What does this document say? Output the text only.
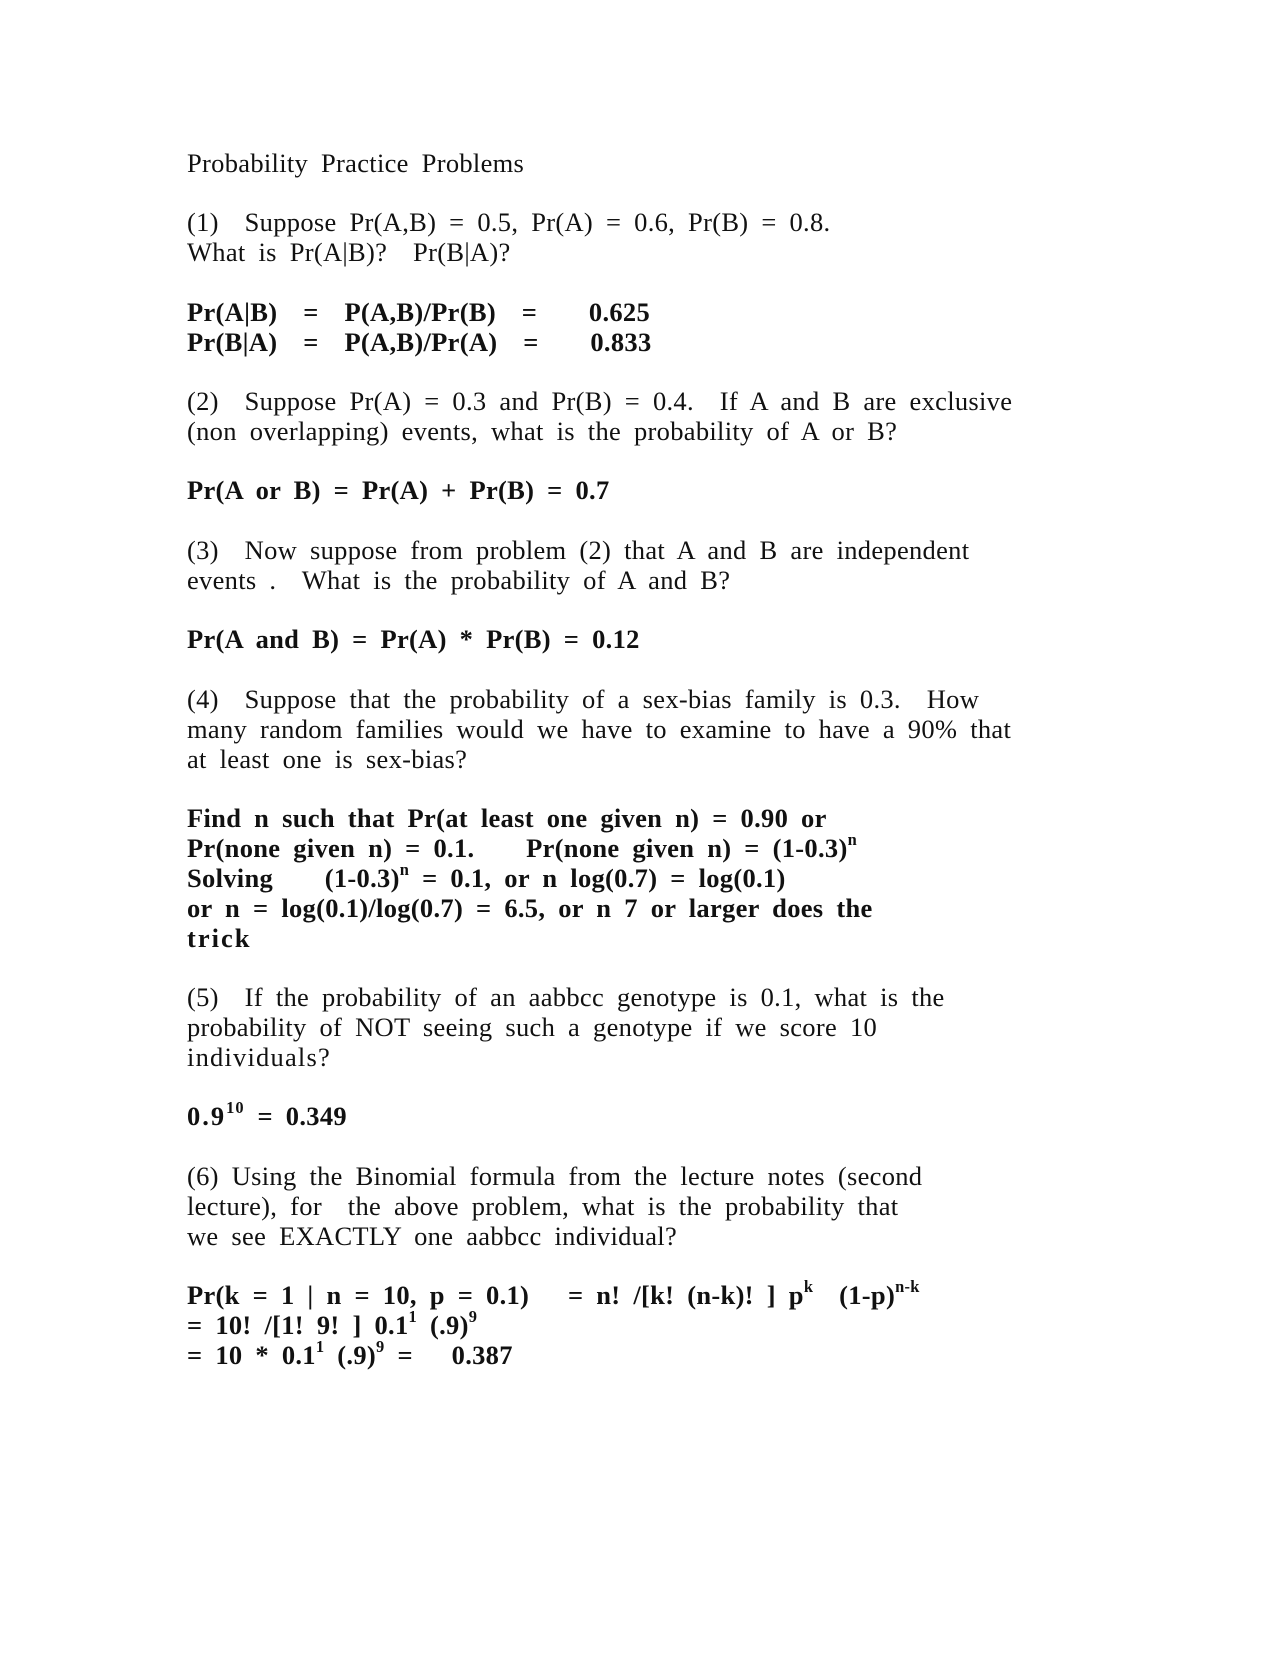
Probability Practice Problems
(1)  Suppose Pr(A,B) = 0.5, Pr(A) = 0.6, Pr(B) = 0.8.
What is Pr(A|B)?  Pr(B|A)?
Pr(A|B)  =  P(A,B)/Pr(B)  =    0.625
Pr(B|A)  =  P(A,B)/Pr(A)  =    0.833
(2)  Suppose Pr(A) = 0.3 and Pr(B) = 0.4.  If A and B are exclusive
(non overlapping) events, what is the probability of A or B?
Pr(A or B) = Pr(A) + Pr(B) = 0.7
(3)  Now suppose from problem (2) that A and B are independent
events .  What is the probability of A and B?
Pr(A and B) = Pr(A) * Pr(B) = 0.12
(4)  Suppose that the probability of a sex-bias family is 0.3.  How
many random families would we have to examine to have a 90% that
at least one is sex-bias?
Find n such that Pr(at least one given n) = 0.90 or
Pr(none given n) = 0.1.    Pr(none given $n) = (1-0.3)^n$
Solving    $(1-0.3)^n = 0.1$, or n log(0.7) = log(0.1)
or n = log(0.1)/log(0.7) = 6.5, or n 7 or larger does the
trick
(5)  If the probability of an aabbcc genotype is 0.1, what is the
probability of NOT seeing such a genotype if we score 10
individuals?
$0.9^{10} = 0.349$
(6) Using the Binomial formula from the lecture notes (second
lecture), for  the above problem, what is the probability that
we see EXACTLY one aabbcc individual?
Pr(k = 1 | n = 10, p = 0.1)   = n! /[k! (n-k)! ] $p^k$  $(1-p)^{n-k}$
= 10! /[1! 9! ] $0.1^1$ $(.9)^9$
= $10 * 0.1^1$ $(.9)^9 = 0.387$
